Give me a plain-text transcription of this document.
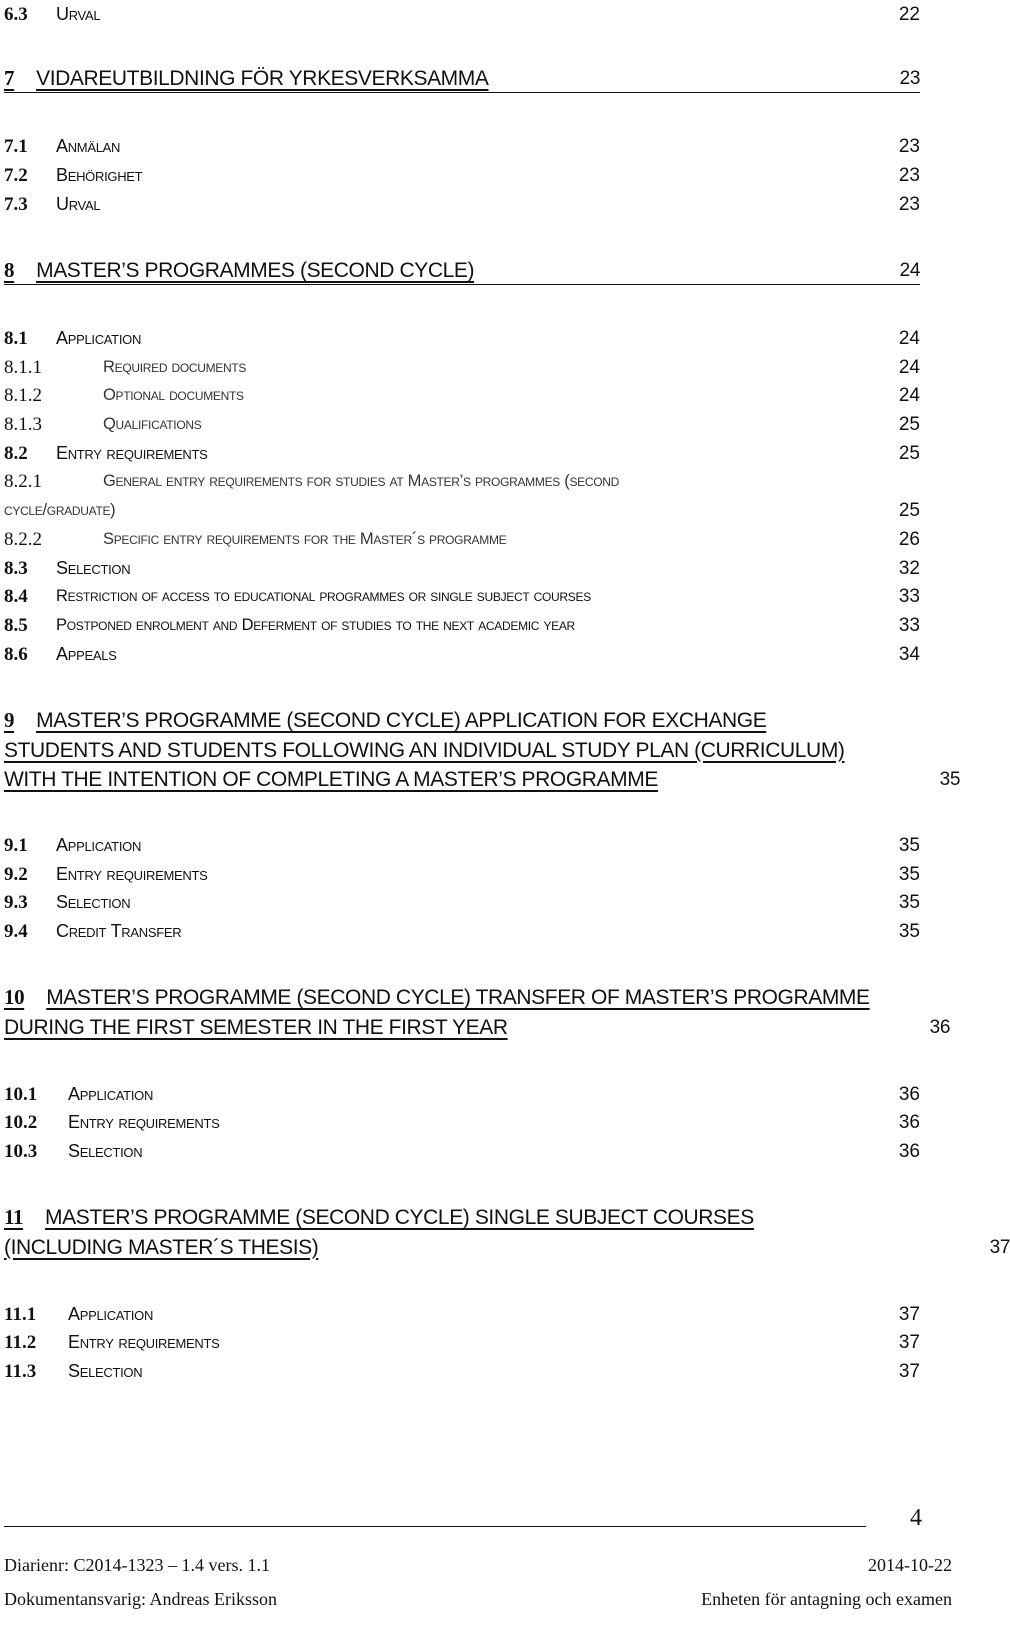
6.3 Urval	22
7 VIDAREUTBILDNING FÖR YRKESVERKSAMMA	23
7.1 Anmälan	23
7.2 Behörighet	23
7.3 Urval	23
8 MASTER’S PROGRAMMES (SECOND CYCLE)	24
8.1 Application	24
8.1.1	Required documents	24
8.1.2	Optional documents	24
8.1.3	Qualifications	25
8.2 Entry requirements	25
8.2.1	General entry requirements for studies at Master’s programmes (second
cycle/graduate)	25
8.2.2	Specific entry requirements for the Master´s programme	26
8.3 Selection	32
8.4 Restriction of access to educational programmes or single subject courses	33
8.5 Postponed enrolment and Deferment of studies to the next academic year	33
8.6 Appeals	34
9 MASTER’S PROGRAMME (SECOND CYCLE) APPLICATION FOR EXCHANGE STUDENTS AND STUDENTS FOLLOWING AN INDIVIDUAL STUDY PLAN (CURRICULUM) WITH THE INTENTION OF COMPLETING A MASTER’S PROGRAMME	35
9.1 Application	35
9.2 Entry requirements	35
9.3 Selection	35
9.4 Credit Transfer	35
10 MASTER’S PROGRAMME (SECOND CYCLE) TRANSFER OF MASTER’S PROGRAMME DURING THE FIRST SEMESTER IN THE FIRST YEAR	36
10.1 Application	36
10.2 Entry requirements	36
10.3 Selection	36
11 MASTER’S PROGRAMME (SECOND CYCLE) SINGLE SUBJECT COURSES (INCLUDING MASTER´S THESIS)	37
11.1 Application	37
11.2 Entry requirements	37
11.3 Selection	37
4
Diarienr: C2014-1323 – 1.4 vers. 1.1	2014-10-22
Dokumentansvarig: Andreas Eriksson	Enheten för antagning och examen
